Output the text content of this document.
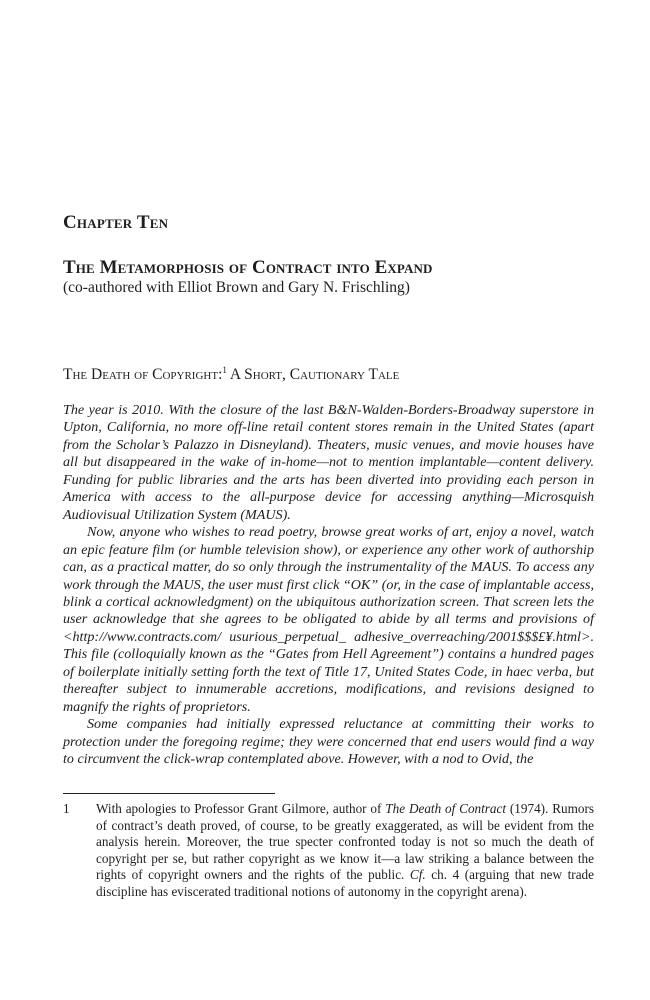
Chapter Ten
The Metamorphosis of Contract into Expand
(co-authored with Elliot Brown and Gary N. Frischling)
The Death of Copyright:$^1$ A Short, Cautionary Tale

The year is 2010. With the closure of the last B&N-Walden-Borders-Broadway superstore in Upton, California, no more off-line retail content stores remain in the United States (apart from the Scholar’s Palazzo in Disneyland). Theaters, music venues, and movie houses have all but disappeared in the wake of in-home—not to mention implantable—content delivery. Funding for public libraries and the arts has been diverted into providing each person in America with access to the all-purpose device for accessing anything—Microsquish Audiovisual Utilization System (MAUS).

Now, anyone who wishes to read poetry, browse great works of art, enjoy a novel, watch an epic feature film (or humble television show), or experience any other work of authorship can, as a practical matter, do so only through the instrumentality of the MAUS. To access any work through the MAUS, the user must first click “OK” (or, in the case of implantable access, blink a cortical acknowledgment) on the ubiquitous authorization screen. That screen lets the user acknowledge that she agrees to be obligated to abide by all terms and provisions of <http://www.contracts.com/ usurious_perpetual_ adhesive_overreaching/2001$$$£¥.html>. This file (colloquially known as the “Gates from Hell Agreement”) contains a hundred pages of boilerplate initially setting forth the text of Title 17, United States Code, in haec verba, but thereafter subject to innumerable accretions, modifications, and revisions designed to magnify the rights of proprietors.

Some companies had initially expressed reluctance at committing their works to protection under the foregoing regime; they were concerned that end users would find a way to circumvent the click-wrap contemplated above. However, with a nod to Ovid, the

1 With apologies to Professor Grant Gilmore, author of The Death of Contract (1974). Rumors of contract’s death proved, of course, to be greatly exaggerated, as will be evident from the analysis herein. Moreover, the true specter confronted today is not so much the death of copyright per se, but rather copyright as we know it—a law striking a balance between the rights of copyright owners and the rights of the public. Cf. ch. 4 (arguing that new trade discipline has eviscerated traditional notions of autonomy in the copyright arena).
